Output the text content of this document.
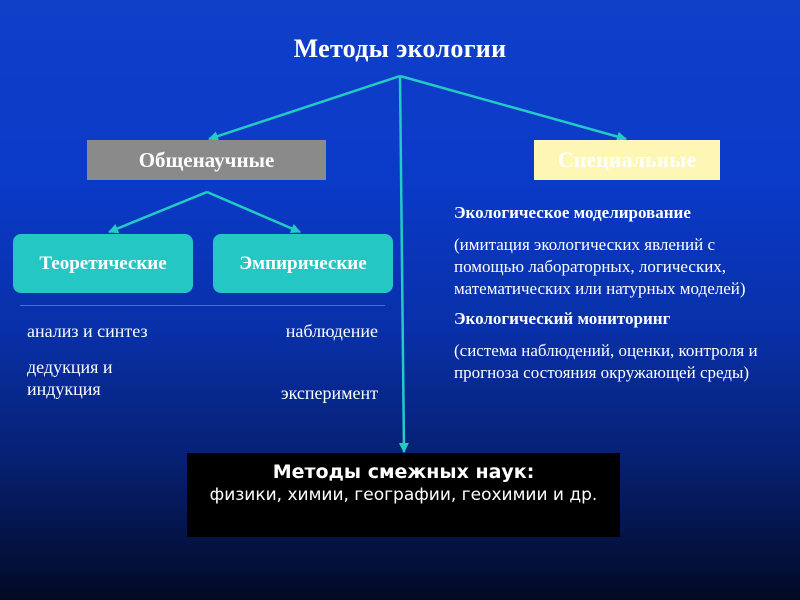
Методы экологии
Общенаучные	Специальные
Теоретические	Эмпирические
анализ и синтез
дедукция и индукция
наблюдение
эксперимент

Экологическое моделирование

(имитация экологических явлений с помощью лабораторных, логических, математических или натурных моделей)

Экологический мониторинг

(система наблюдений, оценки, контроля и прогноза состояния окружающей среды)

Методы смежных наук:
физики, химии, географии, геохимии и др.
